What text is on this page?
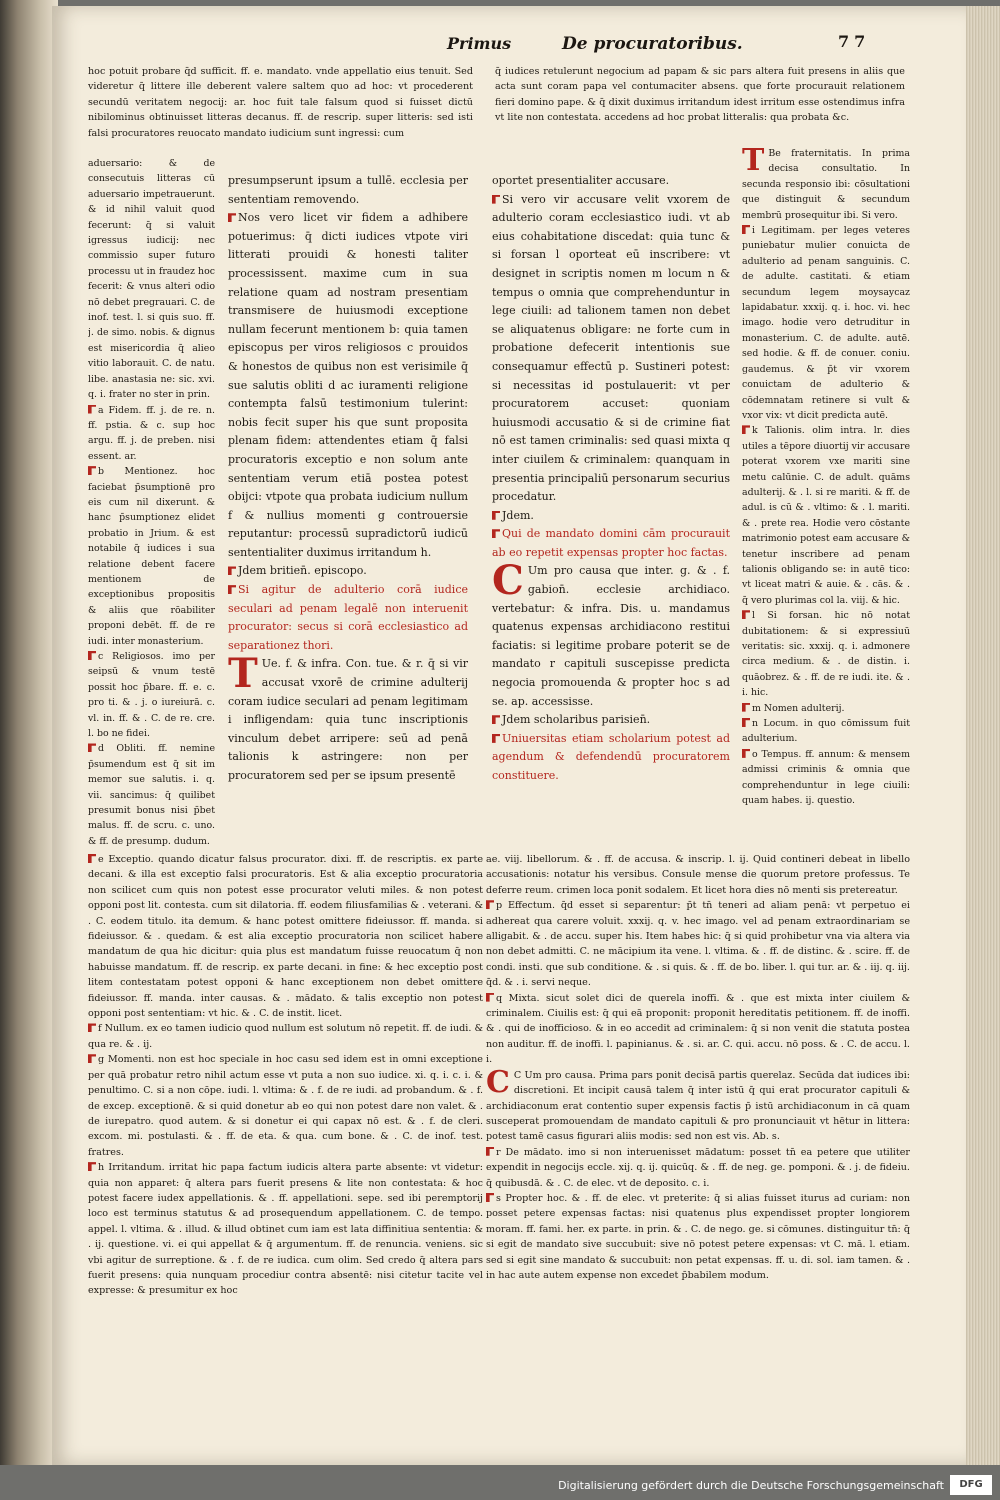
Primus	De procuratoribus.	77

hoc potuit probare q̄d sufficit. ff. e. mandato. vnde appellatio eius tenuit. Sed videretur q̄ littere ille deberent valere saltem quo ad hoc: vt procederent secundū veritatem negocij: ar. hoc fuit tale falsum quod si fuisset dictū nibilominus obtinuisset litteras decanus. ff. de rescrip. super litteris: sed isti falsi procuratores reuocato mandato iudicium sunt ingressi: cum

q̄ iudices retulerunt negocium ad papam & sic pars altera fuit presens in aliis que acta sunt coram papa vel contumaciter absens. que forte procurauit relationem fieri domino pape. & q̄ dixit duximus irritandum idest irritum esse ostendimus infra vt lite non contestata. accedens ad hoc probat litteralis: qua probata &c.

aduersario: & de consecutuis litteras cū aduersario impetrauerunt. & id nihil valuit quod fecerunt: q̄ si valuit igressus iudicij: nec commissio super futuro processu ut in fraudez hoc fecerit: & vnus alteri odio nō debet pregrauari. C. de inof. test. l. si quis suo. ff. j. de simo. nobis. & dignus est misericordia q̄ alieo vitio laborauit. C. de natu. libe. anastasia ne: sic. xvi. q. i. frater no ster in prin.

a Fidem. ff. j. de re. n. ff. pstia. & c. sup hoc argu. ff. j. de preben. nisi essent. ar.

b Mentionez. hoc faciebat p̄sumptionē pro eis cum nil dixerunt. & hanc p̄sumptionez elidet probatio in Jrium. & est notabile q̄ iudices i sua relatione debent facere mentionem de exceptionibus propositis & aliis que rōabiliter proponi debēt. ff. de re iudi. inter monasterium.

c Religiosos. imo per seipsū & vnum testē possit hoc p̄bare. ff. e. c. pro ti. & . j. o iureiurā. c. vl. in. ff. & . C. de re. cre. l. bo ne fidei.

d Obliti. ff. nemine p̄sumendum est q̄ sit im memor sue salutis. i. q. vii. sancimus: q̄ quilibet presumit bonus nisi p̄bet malus. ff. de scru. c. uno. & ff. de presump. dudum.

presumpserunt ipsum a tullē. ecclesia per sententiam removendo.

Nos vero licet vir fidem a adhibere potuerimus: q̄ dicti iudices vtpote viri litterati prouidi & honesti taliter processissent. maxime cum in sua relatione quam ad nostram presentiam transmisere de huiusmodi exceptione nullam fecerunt mentionem b: quia tamen episcopus per viros religiosos c prouidos & honestos de quibus non est verisimile q̄ sue salutis obliti d ac iuramenti religione contempta falsū testimonium tulerint: nobis fecit super his que sunt proposita plenam fidem: attendentes etiam q̄ falsi procuratoris exceptio e non solum ante sententiam verum etiā postea potest obijci: vtpote qua probata iudicium nullum f & nullius momenti g controuersie reputantur: processū supradictorū iudicū sententialiter duximus irritandum h.

Jdem britien̄. episcopo.

Si agitur de adulterio corā iudice seculari ad penam legalē non interuenit procurator: secus si corā ecclesiastico ad separationez thori.

T Ue. f. & infra. Con. tue. & r. q̄ si vir accusat vxorē de crimine adulterij coram iudice seculari ad penam legitimam i infligendam: quia tunc inscriptionis vinculum debet arripere: seū ad penā talionis k astringere: non per procuratorem sed per se ipsum presentē

oportet presentialiter accusare.

Si vero vir accusare velit vxorem de adulterio coram ecclesiastico iudi. vt ab eius cohabitatione discedat: quia tunc & si forsan l oporteat eū inscribere: vt designet in scriptis nomen m locum n & tempus o omnia que comprehenduntur in lege ciuili: ad talionem tamen non debet se aliquatenus obligare: ne forte cum in probatione defecerit intentionis sue consequamur effectū p. Sustineri potest: si necessitas id postulauerit: vt per procuratorem accuset: quoniam huiusmodi accusatio & si de crimine fiat nō est tamen criminalis: sed quasi mixta q inter ciuilem & criminalem: quanquam in presentia principaliū personarum securius procedatur.

Jdem.

Qui de mandato domini cām procurauit ab eo repetit expensas propter hoc factas.

C Um pro causa que inter. g. & . f. gabion̄. ecclesie archidiaco. vertebatur: & infra. Dis. u. mandamus quatenus expensas archidiacono restitui faciatis: si legitime probare poterit se de mandato r capituli suscepisse predicta negocia promouenda & propter hoc s ad se. ap. accessisse.

Jdem scholaribus parisien̄.

Uniuersitas etiam scholarium potest ad agendum & defendendū procuratorem constituere.

T Be fraternitatis. In prima decisa consultatio. In secunda responsio ibi: cōsultationi que distinguit & secundum membrū prosequitur ibi. Si vero.

i Legitimam. per leges veteres puniebatur mulier conuicta de adulterio ad penam sanguinis. C. de adulte. castitati. & etiam secundum legem moysaycaz lapidabatur. xxxij. q. i. hoc. vi. hec imago. hodie vero detruditur in monasterium. C. de adulte. autē. sed hodie. & ff. de conuer. coniu. gaudemus. & p̄t vir vxorem conuictam de adulterio & cōdemnatam retinere si vult & vxor vix: vt dicit predicta autē.

k Talionis. olim intra. lr. dies utiles a tēpore diuortij vir accusare poterat vxorem vxe mariti sine metu calūnie. C. de adult. quāms adulterij. & . l. si re mariti. & ff. de adul. is cū & . vltimo: & . l. mariti. & . prete rea. Hodie vero cōstante matrimonio potest eam accusare & tenetur inscribere ad penam talionis obligando se: in autē tico: vt liceat matri & auie. & . cās. & . q̄ vero plurimas col la. viij. & hic.

l Si forsan. hic nō notat dubitationem: & si expressiuū veritatis: sic. xxxij. q. i. admonere circa medium. & . de distin. i. quāobrez. & . ff. de re iudi. ite. & . i. hic.

m Nomen adulterij.

n Locum. in quo cōmissum fuit adulterium.

o Tempus. ff. annum: & mensem admissi criminis & omnia que comprehenduntur in lege ciuili: quam habes. ij. questio.

e Exceptio. quando dicatur falsus procurator. dixi. ff. de rescriptis. ex parte decani. & illa est exceptio falsi procuratoris. Est & alia exceptio procuratoria non scilicet cum quis non potest esse procurator veluti miles. & non potest opponi post lit. contesta. cum sit dilatoria. ff. eodem filiusfamilias & . veterani. & . C. eodem titulo. ita demum. & hanc potest omittere fideiussor. ff. manda. si fideiussor. & . quedam. & est alia exceptio procuratoria non scilicet habere mandatum de qua hic dicitur: quia plus est mandatum fuisse reuocatum q̄ non habuisse mandatum. ff. de rescrip. ex parte decani. in fine: & hec exceptio post litem contestatam potest opponi & hanc exceptionem non debet omittere fideiussor. ff. manda. inter causas. & . mādato. & talis exceptio non potest opponi post sententiam: vt hic. & . C. de instit. licet.

f Nullum. ex eo tamen iudicio quod nullum est solutum nō repetit. ff. de iudi. & qua re. & . ij.

g Momenti. non est hoc speciale in hoc casu sed idem est in omni exceptione per quā probatur retro nihil actum esse vt puta a non suo iudice. xi. q. i. c. i. & penultimo. C. si a non cōpe. iudi. l. vltima: & . f. de re iudi. ad probandum. & . f. de excep. exceptionē. & si quid donetur ab eo qui non potest dare non valet. & . de iurepatro. quod autem. & si donetur ei qui capax nō est. & . f. de cleri. excom. mi. postulasti. & . ff. de eta. & qua. cum bone. & . C. de inof. test. fratres.

h Irritandum. irritat hic papa factum iudicis altera parte absente: vt videtur: quia non apparet: q̄ altera pars fuerit presens & lite non contestata: & hoc potest facere iudex appellationis. & . ff. appellationi. sepe. sed ibi peremptorij loco est terminus statutus & ad prosequendum appellationem. C. de tempo. appel. l. vltima. & . illud. & illud obtinet cum iam est lata diffinitiua sententia: & . ij. questione. vi. ei qui appellat & q̄ argumentum. ff. de renuncia. veniens. sic vbi agitur de surreptione. & . f. de re iudica. cum olim. Sed credo q̄ altera pars fuerit presens: quia nunquam procediur contra absentē: nisi citetur tacite vel expresse: & presumitur ex hoc

ae. viij. libellorum. & . ff. de accusa. & inscrip. l. ij. Quid contineri debeat in libello accusationis: notatur his versibus. Consule mense die quorum pretore professus. Te deferre reum. crimen loca ponit sodalem. Et licet hora dies nō menti sis pretereatur.

p Effectum. q̄d esset si separentur: p̄t tn̄ teneri ad aliam penā: vt perpetuo ei adhereat qua carere voluit. xxxij. q. v. hec imago. vel ad penam extraordinariam se alligabit. & . de accu. super his. Item habes hic: q̄ si quid prohibetur vna via altera via non debet admitti. C. ne mācipium ita vene. l. vltima. & . ff. de distinc. & . scire. ff. de condi. insti. que sub conditione. & . si quis. & . ff. de bo. liber. l. qui tur. ar. & . iij. q. iij. q̄d. & . i. servi neque.

q Mixta. sicut solet dici de querela inoffi. & . que est mixta inter ciuilem & criminalem. Ciuilis est: q̄ qui eā proponit: proponit hereditatis petitionem. ff. de inoffi. & . qui de inofficioso. & in eo accedit ad criminalem: q̄ si non venit die statuta postea non auditur. ff. de inoffi. l. papinianus. & . si. ar. C. qui. accu. nō poss. & . C. de accu. l. i.

C C Um pro causa. Prima pars ponit decisā partis querelaz. Secūda dat iudices ibi: discretioni. Et incipit causā talem q̄ inter istū q̄ qui erat procurator capituli & archidiaconum erat contentio super expensis factis p̄ istū archidiaconum in cā quam susceperat promouendam de mandato capituli & pro pronunciauit vt hētur in littera: potest tamē casus figurari aliis modis: sed non est vis. Ab. s.

r De mādato. imo si non interuenisset mādatum: posset tn̄ ea petere que utiliter expendit in negocijs eccle. xij. q. ij. quicūq. & . ff. de neg. ge. pomponi. & . j. de fideiu. q̄ quibusdā. & . C. de elec. vt de deposito. c. i.

s Propter hoc. & . ff. de elec. vt preterite: q̄ si alias fuisset iturus ad curiam: non posset petere expensas factas: nisi quatenus plus expendisset propter longiorem moram. ff. fami. her. ex parte. in prin. & . C. de nego. ge. si cōmunes. distinguitur tn̄: q̄ si egit de mandato sive succubuit: sive nō potest petere expensas: vt C. mā. l. etiam. sed si egit sine mandato & succubuit: non petat expensas. ff. u. di. sol. iam tamen. & . in hac aute autem expense non excedet p̄babilem modum.

Digitalisierung gefördert durch die Deutsche Forschungsgemeinschaft	DFG
